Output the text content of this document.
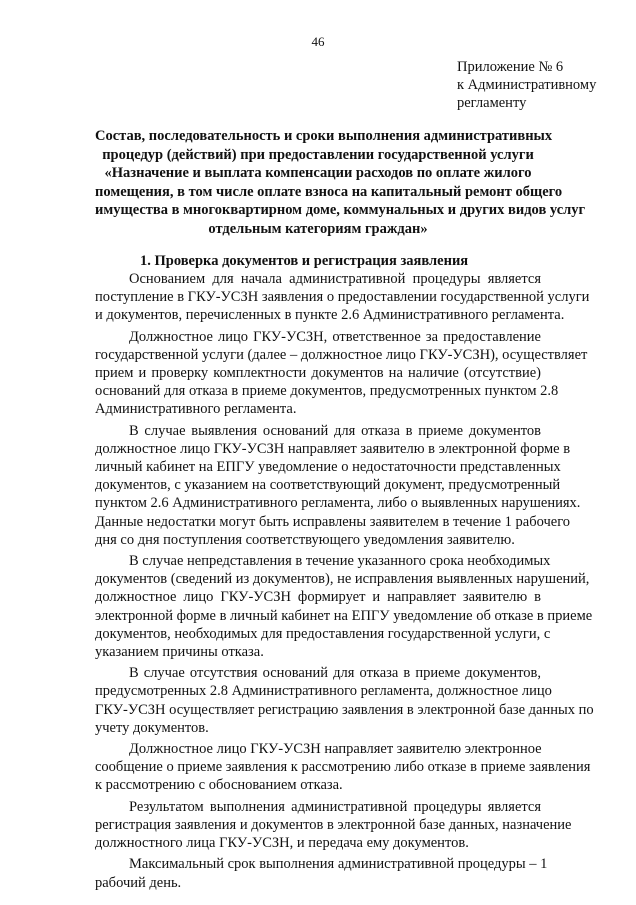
46
Приложение № 6
к Административному
регламенту
Состав, последовательность и сроки выполнения административных
процедур (действий) при предоставлении государственной услуги
«Назначение и выплата компенсации расходов по оплате жилого
помещения, в том числе оплате взноса на капитальный ремонт общего
имущества в многоквартирном доме, коммунальных и других видов услуг
отдельным категориям граждан»
1. Проверка документов и регистрация заявления

Основанием для начала административной процедуры является
поступление в ГКУ-УСЗН заявления о предоставлении государственной услуги
и документов, перечисленных в пункте 2.6 Административного регламента.

Должностное лицо ГКУ-УСЗН, ответственное за предоставление
государственной услуги (далее – должностное лицо ГКУ-УСЗН), осуществляет
прием и проверку комплектности документов на наличие (отсутствие)
оснований для отказа в приеме документов, предусмотренных пунктом 2.8
Административного регламента.

В случае выявления оснований для отказа в приеме документов
должностное лицо ГКУ-УСЗН направляет заявителю в электронной форме в
личный кабинет на ЕПГУ уведомление о недостаточности представленных
документов, с указанием на соответствующий документ, предусмотренный
пунктом 2.6 Административного регламента, либо о выявленных нарушениях.
Данные недостатки могут быть исправлены заявителем в течение 1 рабочего
дня со дня поступления соответствующего уведомления заявителю.

В случае непредставления в течение указанного срока необходимых
документов (сведений из документов), не исправления выявленных нарушений,
должностное лицо ГКУ-УСЗН формирует и направляет заявителю в
электронной форме в личный кабинет на ЕПГУ уведомление об отказе в приеме
документов, необходимых для предоставления государственной услуги, с
указанием причины отказа.

В случае отсутствия оснований для отказа в приеме документов,
предусмотренных 2.8 Административного регламента, должностное лицо
ГКУ-УСЗН осуществляет регистрацию заявления в электронной базе данных по
учету документов.

Должностное лицо ГКУ-УСЗН направляет заявителю электронное
сообщение о приеме заявления к рассмотрению либо отказе в приеме заявления
к рассмотрению с обоснованием отказа.

Результатом выполнения административной процедуры является
регистрация заявления и документов в электронной базе данных, назначение
должностного лица ГКУ-УСЗН, и передача ему документов.

Максимальный срок выполнения административной процедуры – 1
рабочий день.
